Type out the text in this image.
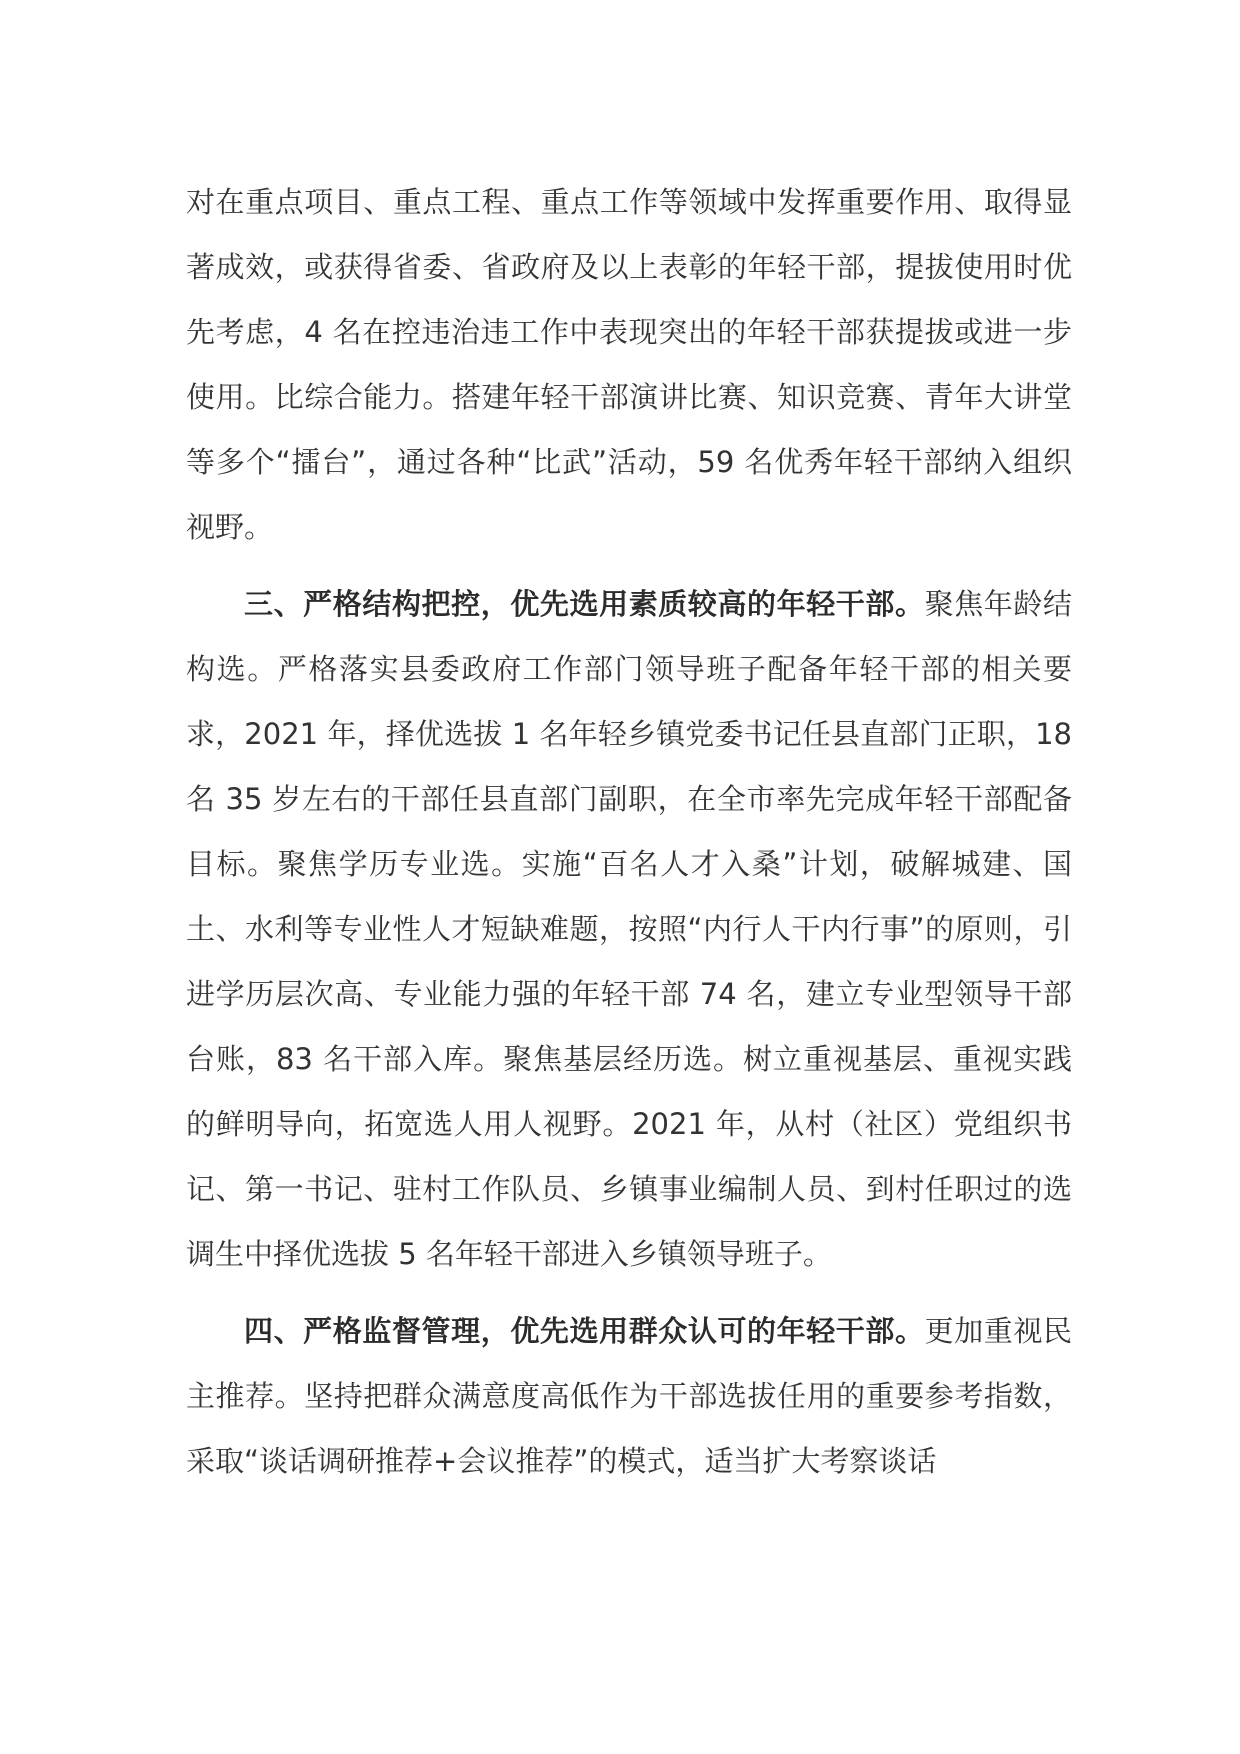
对在重点项目、重点工程、重点工作等领域中发挥重要作用、取得显著成效，或获得省委、省政府及以上表彰的年轻干部，提拔使用时优先考虑，4 名在控违治违工作中表现突出的年轻干部获提拔或进一步使用。比综合能力。搭建年轻干部演讲比赛、知识竞赛、青年大讲堂等多个“擂台”，通过各种“比武”活动，59 名优秀年轻干部纳入组织视野。

三、严格结构把控，优先选用素质较高的年轻干部。聚焦年龄结构选。严格落实县委政府工作部门领导班子配备年轻干部的相关要求，2021 年，择优选拔 1 名年轻乡镇党委书记任县直部门正职，18 名 35 岁左右的干部任县直部门副职，在全市率先完成年轻干部配备目标。聚焦学历专业选。实施“百名人才入桑”计划，破解城建、国土、水利等专业性人才短缺难题，按照“内行人干内行事”的原则，引进学历层次高、专业能力强的年轻干部 74 名，建立专业型领导干部台账，83 名干部入库。聚焦基层经历选。树立重视基层、重视实践的鲜明导向，拓宽选人用人视野。2021 年，从村（社区）党组织书记、第一书记、驻村工作队员、乡镇事业编制人员、到村任职过的选调生中择优选拔 5 名年轻干部进入乡镇领导班子。

四、严格监督管理，优先选用群众认可的年轻干部。更加重视民主推荐。坚持把群众满意度高低作为干部选拔任用的重要参考指数，采取“谈话调研推荐+会议推荐”的模式，适当扩大考察谈话
